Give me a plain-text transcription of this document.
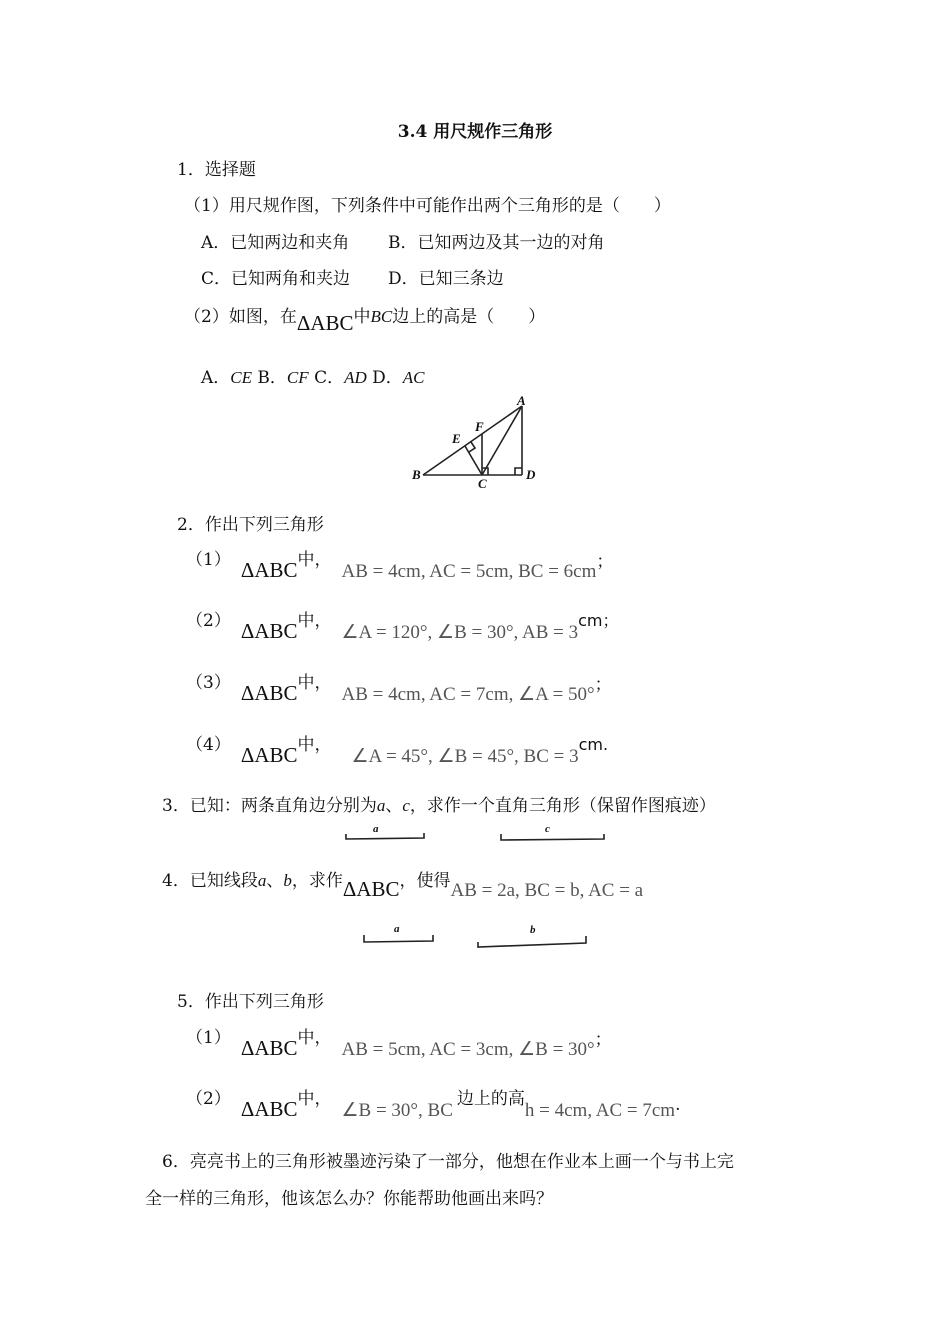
3.4 用尺规作三角形
1．选择题
（1）用尺规作图，下列条件中可能作出两个三角形的是（　　）
A．已知两边和夹角 B．已知两边及其一边的对角
C．已知两角和夹边 D．已知三条边
（2）如图，在ΔABC中BC边上的高是（　　）
A．CE B．CF C．AD D．AC
A
B
C
D
E
F
2．作出下列三角形
（1） ΔABC中，AB = 4cm, AC = 5cm, BC = 6cm；
（2） ΔABC中，∠A = 120°, ∠B = 30°, AB = 3cm；
（3） ΔABC中，AB = 4cm, AC = 7cm, ∠A = 50°；
（4） ΔABC中，∠A = 45°, ∠B = 45°, BC = 3cm.
3．已知：两条直角边分别为a、c，求作一个直角三角形（保留作图痕迹）
a	c
4．已知线段a、b，求作ΔABC，使得AB = 2a, BC = b, AC = a
a	b
5．作出下列三角形
（1） ΔABC中，AB = 5cm, AC = 3cm, ∠B = 30°；
（2） ΔABC中，∠B = 30°, BC边上的高h = 4cm, AC = 7cm.
6．亮亮书上的三角形被墨迹污染了一部分，他想在作业本上画一个与书上完
全一样的三角形，他该怎么办？你能帮助他画出来吗？
